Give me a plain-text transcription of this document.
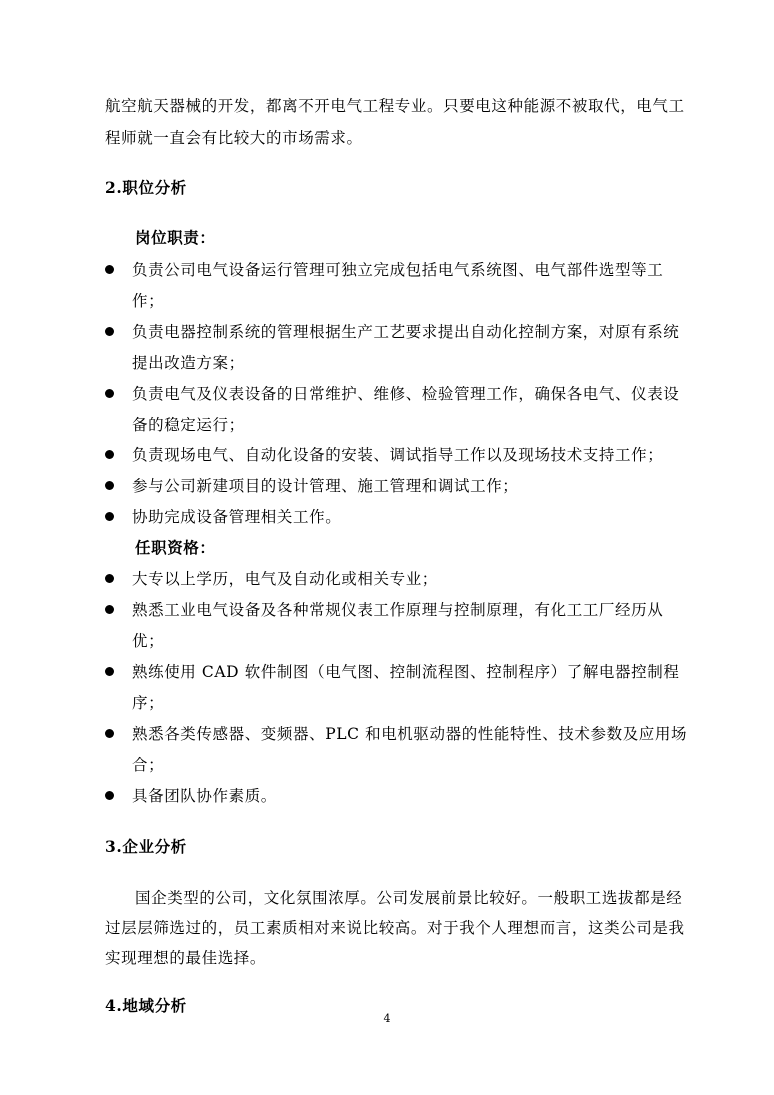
航空航天器械的开发，都离不开电气工程专业。只要电这种能源不被取代，电气工
程师就一直会有比较大的市场需求。
2.职位分析
岗位职责：
负责公司电气设备运行管理可独立完成包括电气系统图、电气部件选型等工
作；
负责电器控制系统的管理根据生产工艺要求提出自动化控制方案，对原有系统
提出改造方案；
负责电气及仪表设备的日常维护、维修、检验管理工作，确保各电气、仪表设
备的稳定运行；
负责现场电气、自动化设备的安装、调试指导工作以及现场技术支持工作；
参与公司新建项目的设计管理、施工管理和调试工作；
协助完成设备管理相关工作。
任职资格：
大专以上学历，电气及自动化或相关专业；
熟悉工业电气设备及各种常规仪表工作原理与控制原理，有化工工厂经历从
优；
熟练使用 CAD 软件制图（电气图、控制流程图、控制程序）了解电器控制程
序；
熟悉各类传感器、变频器、PLC 和电机驱动器的性能特性、技术参数及应用场
合；
具备团队协作素质。
3.企业分析
国企类型的公司，文化氛围浓厚。公司发展前景比较好。一般职工选拔都是经
过层层筛选过的，员工素质相对来说比较高。对于我个人理想而言，这类公司是我
实现理想的最佳选择。
4.地域分析
4
